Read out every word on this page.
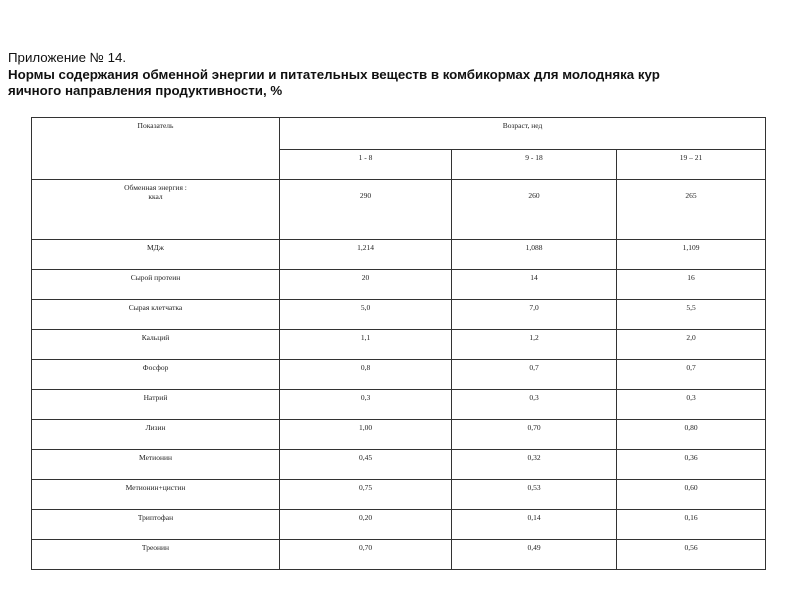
Приложение № 14.
Нормы содержания обменной энергии и питательных веществ в комбикормах для молодняка кур
яичного направления продуктивности, %
Показатель	Возраст, нед		
	1 - 8	9 - 18	19 – 21

Обменная энергия :
ккал	290	260	265

МДж	1,214	1,088	1,109
Сырой протеин	20	14	16
Сырая клетчатка	5,0	7,0	5,5
Кальций	1,1	1,2	2,0
Фосфор	0,8	0,7	0,7
Натрий	0,3	0,3	0,3
Лизин	1,00	0,70	0,80
Метионин	0,45	0,32	0,36
Метионин+цистин	0,75	0,53	0,60
Триптофан	0,20	0,14	0,16
Треонин	0,70	0,49	0,56
